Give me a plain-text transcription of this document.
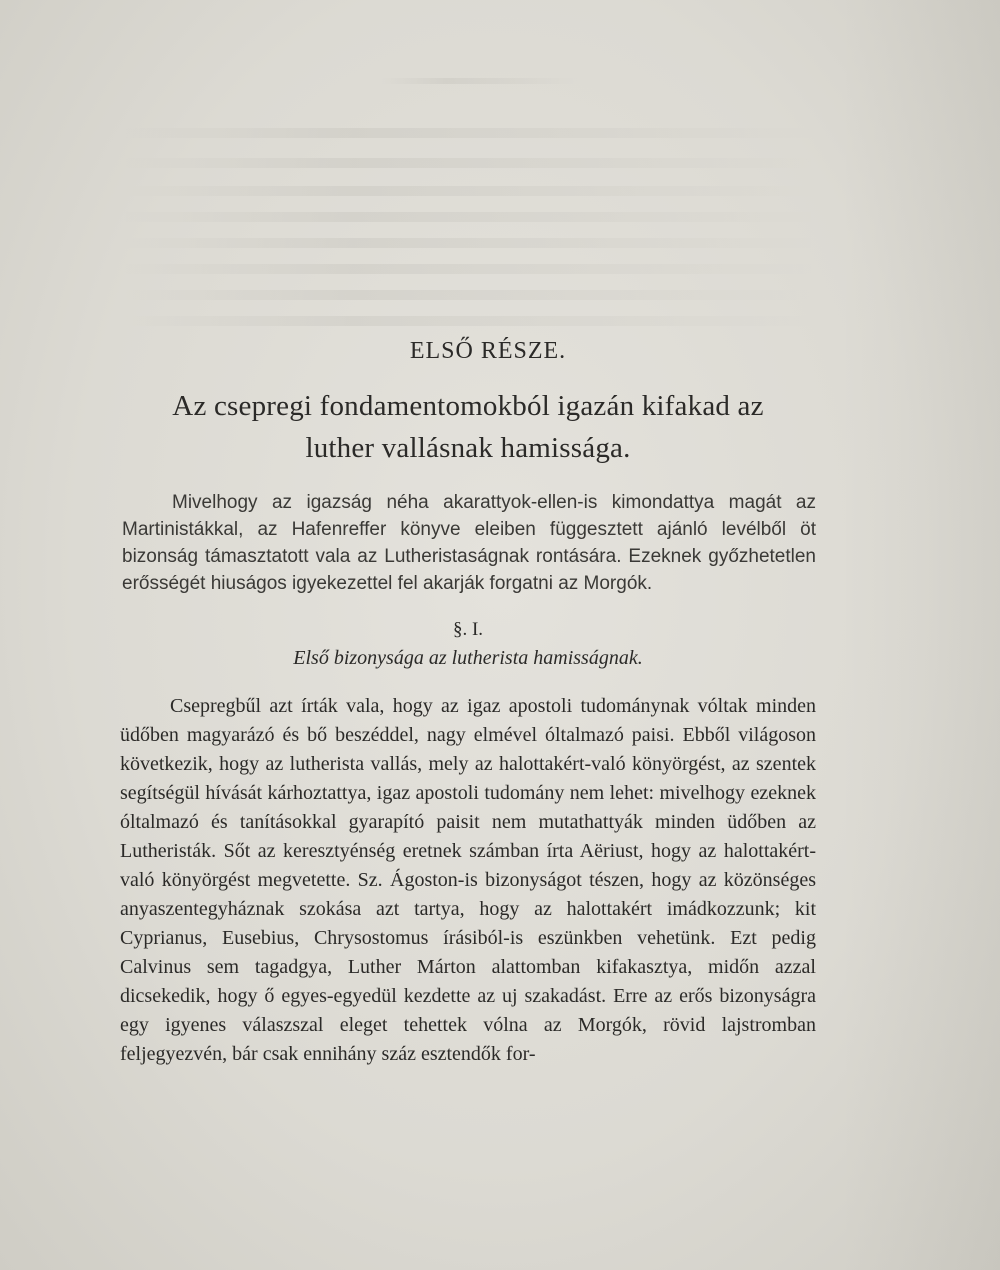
ELSŐ RÉSZE.
Az csepregi fondamentomokból igazán kifakad az
luther vallásnak hamissága.

Mivelhogy az igazság néha akarattyok-ellen-is kimondattya magát az Martinistákkal, az Hafenreffer könyve eleiben függesztett ajánló levélből öt bizonság támasztatott vala az Lutheristaságnak rontására. Ezeknek győzhetetlen erősségét hiuságos igyekezettel fel akarják forgatni az Morgók.

§. I.
Első bizonysága az lutherista hamisságnak.

Csepregbűl azt írták vala, hogy az igaz apostoli tudománynak vóltak minden üdőben magyarázó és bő beszéddel, nagy elmével óltalmazó paisi. Ebből világoson következik, hogy az lutherista vallás, mely az halottakért-való könyörgést, az szentek segítségül hívását kárhoztattya, igaz apostoli tudomány nem lehet: mivelhogy ezeknek óltalmazó és tanításokkal gyarapító paisit nem mutathattyák minden üdőben az Lutheristák. Sőt az keresztyénség eretnek számban írta Aëriust, hogy az halottakért-való könyörgést megvetette. Sz. Ágoston-is bizonyságot tészen, hogy az közönséges anyaszentegyháznak szokása azt tartya, hogy az halottakért imádkozzunk; kit Cyprianus, Eusebius, Chrysostomus írásiból-is eszünkben vehetünk. Ezt pedig Calvinus sem tagadgya, Luther Márton alattomban kifakasztya, midőn azzal dicsekedik, hogy ő egyes-egyedül kezdette az uj szakadást. Erre az erős bizonyságra egy igyenes válaszszal eleget tehettek vólna az Morgók, rövid lajstromban feljegyezvén, bár csak ennihány száz esztendők for-
